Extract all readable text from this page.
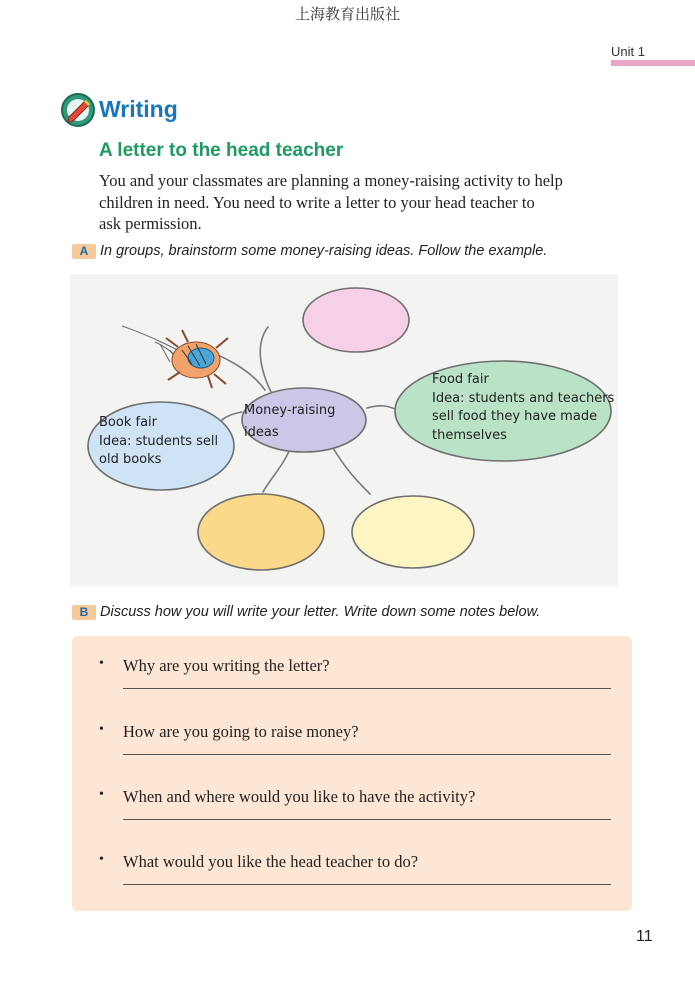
上海教育出版社
Unit 1
Writing
A letter to the head teacher
You and your classmates are planning a money-raising activity to help
children in need. You need to write a letter to your head teacher to
ask permission.
A In groups, brainstorm some money-raising ideas. Follow the example.
Money-raising
ideas
Book fair
Idea: students sell
old books
Food fair
Idea: students and teachers
sell food they have made
themselves
B Discuss how you will write your letter. Write down some notes below.
• Why are you writing the letter?
• How are you going to raise money?
• When and where would you like to have the activity?
• What would you like the head teacher to do?
11
